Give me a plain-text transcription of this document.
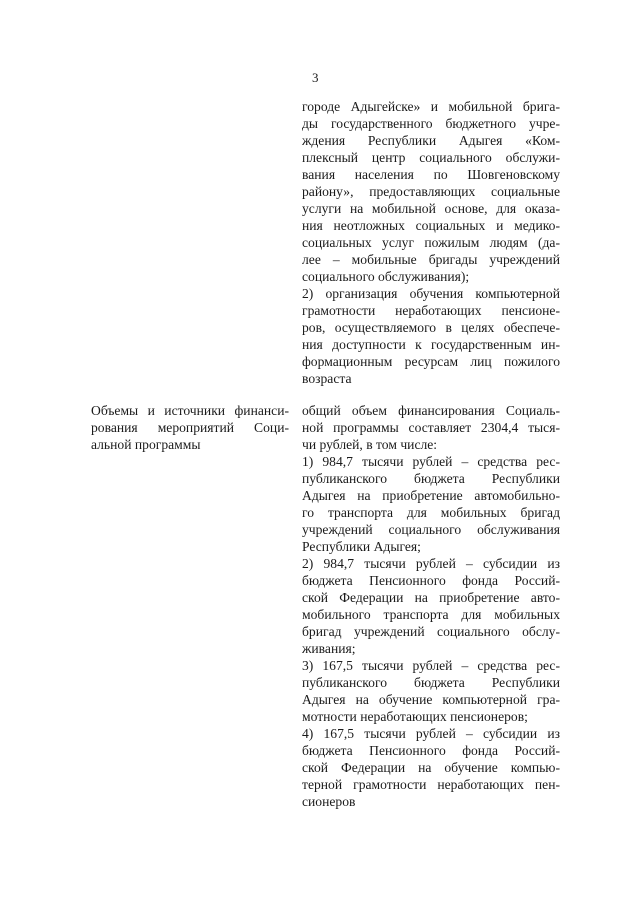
3
городе Адыгейске» и мобильной брига-
ды государственного бюджетного учре-
ждения Республики Адыгея «Ком-
плексный центр социального обслужи-
вания населения по Шовгеновскому
району», предоставляющих социальные
услуги на мобильной основе, для оказа-
ния неотложных социальных и медико-
социальных услуг пожилым людям (да-
лее – мобильные бригады учреждений
социального обслуживания);
2) организация обучения компьютерной
грамотности неработающих пенсионе-
ров, осуществляемого в целях обеспече-
ния доступности к государственным ин-
формационным ресурсам лиц пожилого
возраста
Объемы и источники финанси-
рования мероприятий Соци-
альной программы
общий объем финансирования Социаль-
ной программы составляет 2304,4 тыся-
чи рублей, в том числе:
1) 984,7 тысячи рублей – средства рес-
публиканского бюджета Республики
Адыгея на приобретение автомобильно-
го транспорта для мобильных бригад
учреждений социального обслуживания
Республики Адыгея;
2) 984,7 тысячи рублей – субсидии из
бюджета Пенсионного фонда Россий-
ской Федерации на приобретение авто-
мобильного транспорта для мобильных
бригад учреждений социального обслу-
живания;
3) 167,5 тысячи рублей – средства рес-
публиканского бюджета Республики
Адыгея на обучение компьютерной гра-
мотности неработающих пенсионеров;
4) 167,5 тысячи рублей – субсидии из
бюджета Пенсионного фонда Россий-
ской Федерации на обучение компью-
терной грамотности неработающих пен-
сионеров
